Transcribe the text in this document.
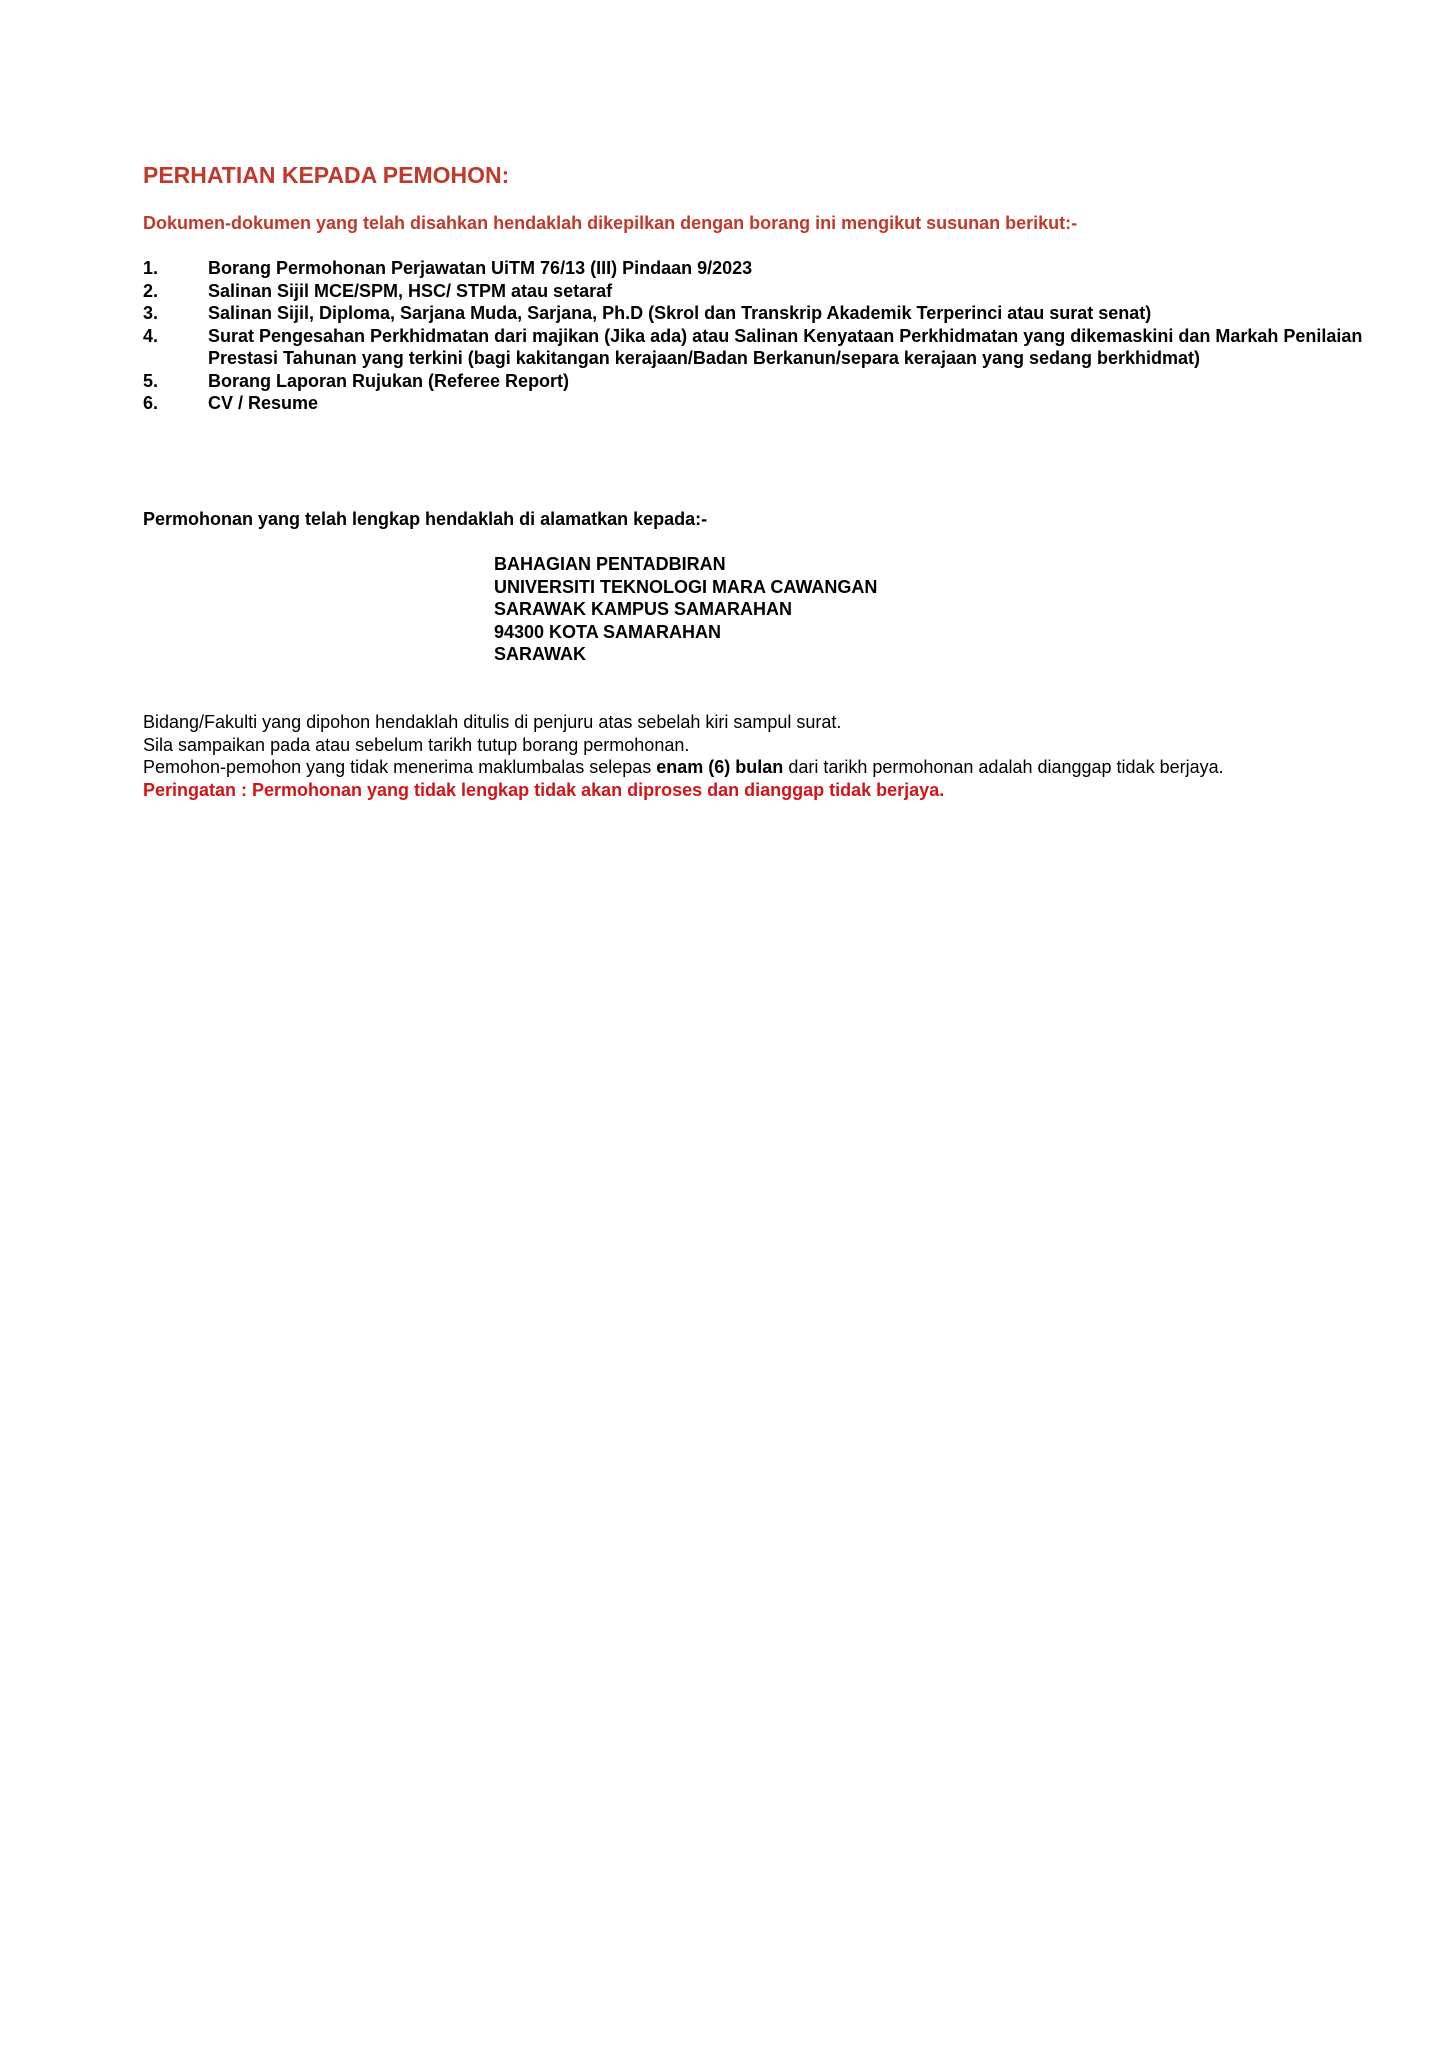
PERHATIAN KEPADA PEMOHON:
Dokumen-dokumen yang telah disahkan hendaklah dikepilkan dengan borang ini mengikut susunan berikut:-
1.	Borang Permohonan Perjawatan UiTM 76/13 (III) Pindaan 9/2023
2.	Salinan Sijil MCE/SPM, HSC/ STPM atau setaraf
3.	Salinan Sijil, Diploma, Sarjana Muda, Sarjana, Ph.D (Skrol dan Transkrip Akademik Terperinci atau surat senat)
4.	Surat Pengesahan Perkhidmatan dari majikan (Jika ada) atau Salinan Kenyataan Perkhidmatan yang dikemaskini dan Markah Penilaian Prestasi Tahunan yang terkini (bagi kakitangan kerajaan/Badan Berkanun/separa kerajaan yang sedang berkhidmat)
5.	Borang Laporan Rujukan (Referee Report)
6.	CV / Resume
Permohonan yang telah lengkap hendaklah di alamatkan kepada:-
BAHAGIAN PENTADBIRAN
UNIVERSITI TEKNOLOGI MARA CAWANGAN
SARAWAK KAMPUS SAMARAHAN
94300 KOTA SAMARAHAN
SARAWAK
Bidang/Fakulti yang dipohon hendaklah ditulis di penjuru atas sebelah kiri sampul surat.
Sila sampaikan pada atau sebelum tarikh tutup borang permohonan.
Pemohon-pemohon yang tidak menerima maklumbalas selepas enam (6) bulan dari tarikh permohonan adalah dianggap tidak berjaya.
Peringatan : Permohonan yang tidak lengkap tidak akan diproses dan dianggap tidak berjaya.
